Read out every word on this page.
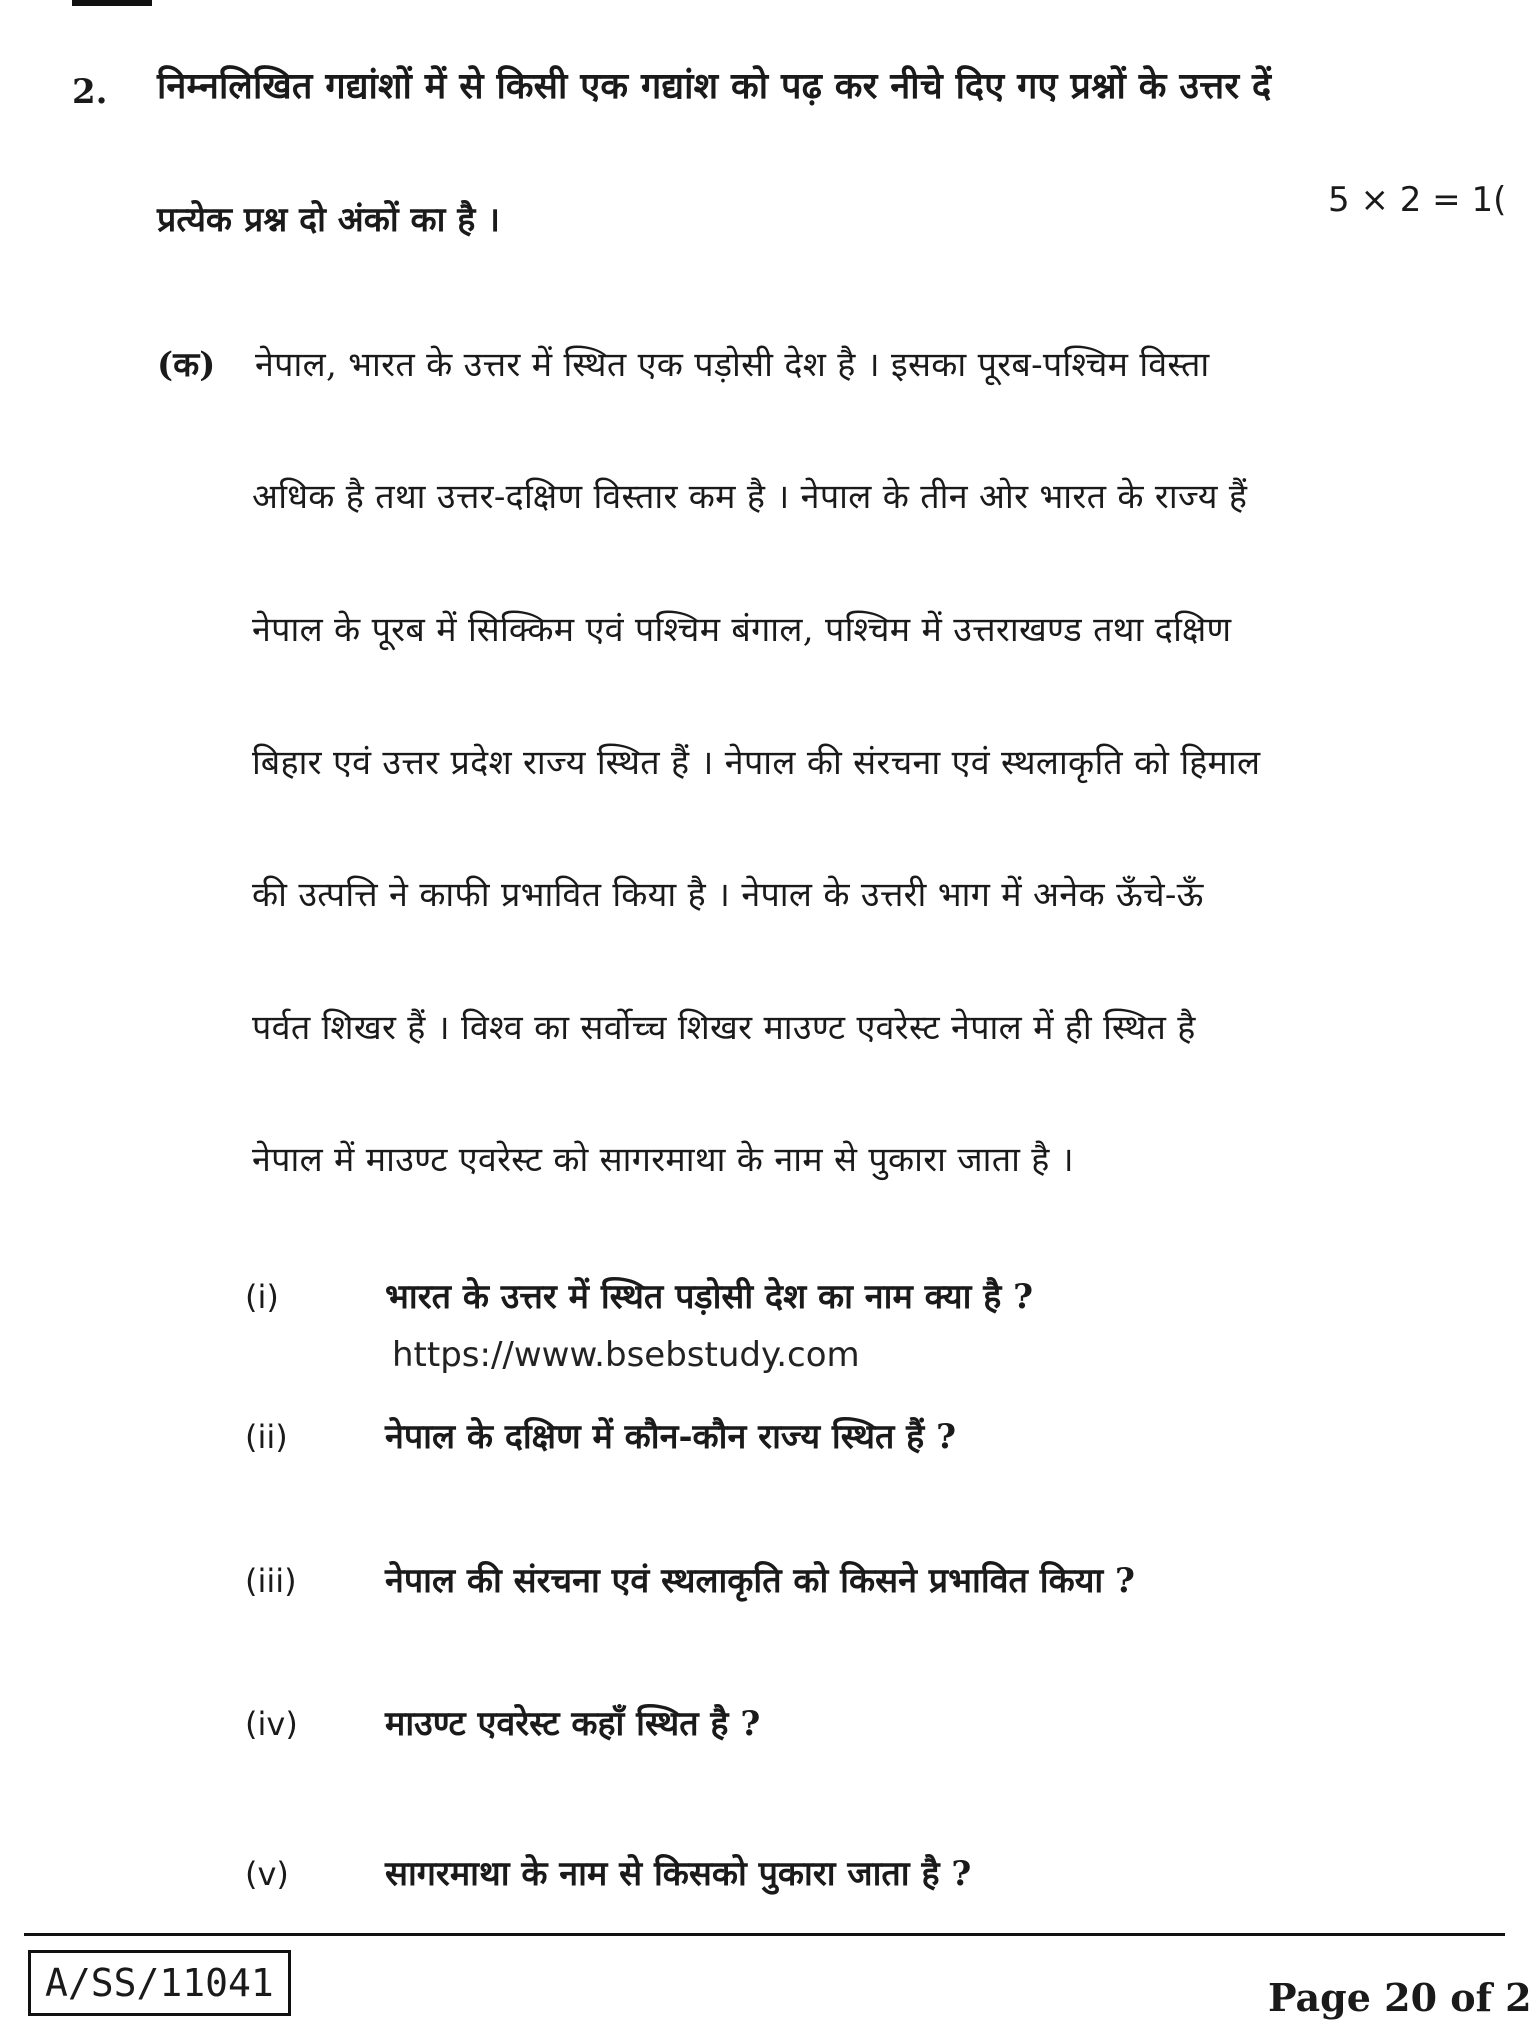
2. निम्नलिखित गद्यांशों में से किसी एक गद्यांश को पढ़ कर नीचे दिए गए प्रश्नों के उत्तर दें
प्रत्येक प्रश्न दो अंकों का है ।	5 × 2 = 1(
(क) नेपाल, भारत के उत्तर में स्थित एक पड़ोसी देश है । इसका पूरब-पश्चिम विस्ता
अधिक है तथा उत्तर-दक्षिण विस्तार कम है । नेपाल के तीन ओर भारत के राज्य हैं
नेपाल के पूरब में सिक्किम एवं पश्चिम बंगाल, पश्चिम में उत्तराखण्ड तथा दक्षिण
बिहार एवं उत्तर प्रदेश राज्य स्थित हैं । नेपाल की संरचना एवं स्थलाकृति को हिमाल
की उत्पत्ति ने काफी प्रभावित किया है । नेपाल के उत्तरी भाग में अनेक ऊँचे-ऊँ
पर्वत शिखर हैं । विश्व का सर्वोच्च शिखर माउण्ट एवरेस्ट नेपाल में ही स्थित है
नेपाल में माउण्ट एवरेस्ट को सागरमाथा के नाम से पुकारा जाता है ।
(i)	भारत के उत्तर में स्थित पड़ोसी देश का नाम क्या है ?
https://www.bsebstudy.com
(ii)	नेपाल के दक्षिण में कौन-कौन राज्य स्थित हैं ?
(iii)	नेपाल की संरचना एवं स्थलाकृति को किसने प्रभावित किया ?
(iv)	माउण्ट एवरेस्ट कहाँ स्थित है ?
(v)	सागरमाथा के नाम से किसको पुकारा जाता है ?
A/SS/11041	Page 20 of 2
